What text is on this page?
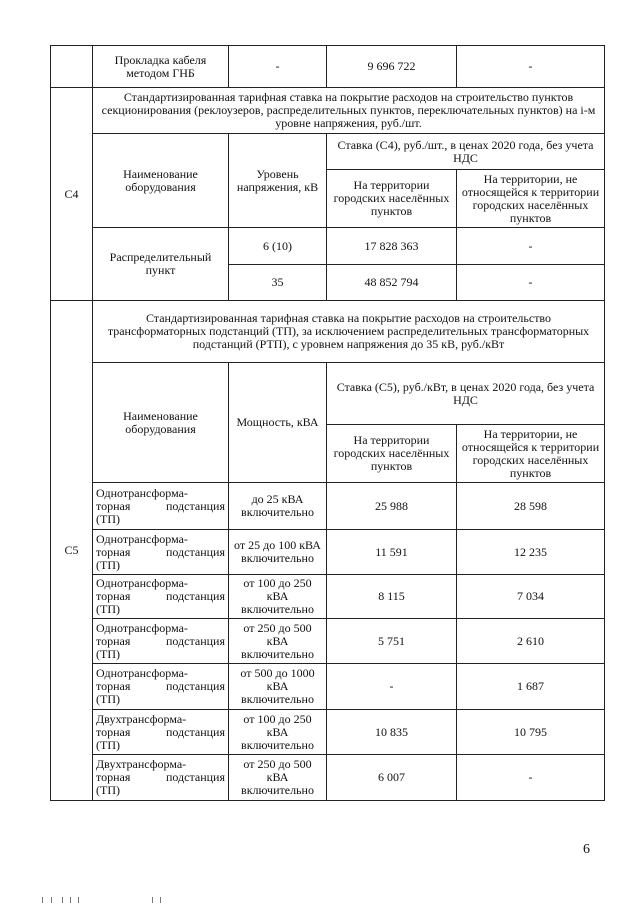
	Прокладка кабеля методом ГНБ	-	9 696 722	-
С4	Стандартизированная тарифная ставка на покрытие расходов на строительство пунктов секционирования (реклоузеров, распределительных пунктов, переключательных пунктов) на i-м уровне напряжения, руб./шт.			
	Наименование оборудования	Уровень напряжения, кВ	Ставка (С4), руб./шт., в ценах 2020 года, без учета НДС	
			На территории городских населённых пунктов	На территории, не относящейся к территории городских населённых пунктов
	Распределительный пункт	6 (10)	17 828 363	-
		35	48 852 794	-
С5	Стандартизированная тарифная ставка на покрытие расходов на строительство трансформаторных подстанций (ТП), за исключением распределительных трансформаторных подстанций (РТП), с уровнем напряжения до 35 кВ, руб./кВт			
	Наименование оборудования	Мощность, кВА	Ставка (С5), руб./кВт, в ценах 2020 года, без учета НДС	
			На территории городских населённых пунктов	На территории, не относящейся к территории городских населённых пунктов

	Однотрансформа-
торная подстанция
(ТП)	до 25 кВА включительно	25 988	28 598

	Однотрансформа-
торная подстанция
(ТП)	от 25 до 100 кВА включительно	11 591	12 235

	Однотрансформа-
торная подстанция
(ТП)	от 100 до 250 кВА включительно	8 115	7 034

	Однотрансформа-
торная подстанция
(ТП)	от 250 до 500 кВА включительно	5 751	2 610

	Однотрансформа-
торная подстанция
(ТП)	от 500 до 1000 кВА включительно	-	1 687

	Двухтрансформа-
торная подстанция
(ТП)	от 100 до 250 кВА включительно	10 835	10 795

	Двухтрансформа-
торная подстанция
(ТП)	от 250 до 500 кВА включительно	6 007	-
6
